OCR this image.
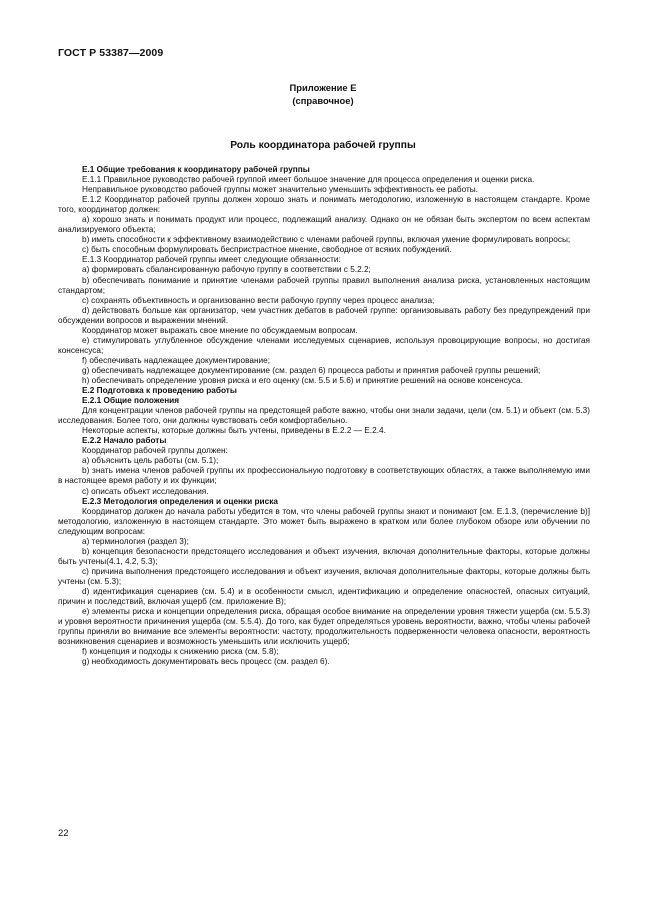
ГОСТ Р 53387—2009
Приложение Е
(справочное)
Роль координатора рабочей группы

Е.1 Общие требования к координатору рабочей группы

Е.1.1 Правильное руководство рабочей группой имеет большое значение для процесса определения и оценки риска.

Неправильное руководство рабочей группы может значительно уменьшить эффективность ее работы.

Е.1.2 Координатор рабочей группы должен хорошо знать и понимать методологию, изложенную в настоящем стандарте. Кроме того, координатор должен:

а) хорошо знать и понимать продукт или процесс, подлежащий анализу. Однако он не обязан быть экспертом по всем аспектам анализируемого объекта;

b) иметь способности к эффективному взаимодействию с членами рабочей группы, включая умение формулировать вопросы;

с) быть способным формулировать беспристрастное мнение, свободное от всяких побуждений.

Е.1.3 Координатор рабочей группы имеет следующие обязанности:

а) формировать сбалансированную рабочую группу в соответствии с 5.2.2;

b) обеспечивать понимание и принятие членами рабочей группы правил выполнения анализа риска, установленных настоящим стандартом;

с) сохранять объективность и организованно вести рабочую группу через процесс анализа;

d) действовать больше как организатор, чем участник дебатов в рабочей группе: организовывать работу без предупреждений при обсуждении вопросов и выражении мнений.

Координатор может выражать свое мнение по обсуждаемым вопросам.

е) стимулировать углубленное обсуждение членами исследуемых сценариев, используя провоцирующие вопросы, но достигая консенсуса;

f) обеспечивать надлежащее документирование;

g) обеспечивать надлежащее документирование (см. раздел 6) процесса работы и принятия рабочей группы решений;

h) обеспечивать определение уровня риска и его оценку (см. 5.5 и 5.6) и принятие решений на основе консенсуса.

Е.2 Подготовка к проведению работы

Е.2.1 Общие положения

Для концентрации членов рабочей группы на предстоящей работе важно, чтобы они знали задачи, цели (см. 5.1) и объект (см. 5.3) исследования. Более того, они должны чувствовать себя комфортабельно.

Некоторые аспекты, которые должны быть учтены, приведены в Е.2.2 — Е.2.4.

Е.2.2 Начало работы

Координатор рабочей группы должен:

а) объяснить цель работы (см. 5.1);

b) знать имена членов рабочей группы их профессиональную подготовку в соответствующих областях, а также выполняемую ими в настоящее время работу и их функции;

с) описать объект исследования.

Е.2.3 Методология определения и оценки риска

Координатор должен до начала работы убедится в том, что члены рабочей группы знают и понимают [см. Е.1.3, (перечисление b)] методологию, изложенную в настоящем стандарте. Это может быть выражено в кратком или более глубоком обзоре или обучении по следующим вопросам:

а) терминология (раздел 3);

b) концепция безопасности предстоящего исследования и объект изучения, включая дополнительные факторы, которые должны быть учтены(4.1, 4.2, 5.3);

с) причина выполнения предстоящего исследования и объект изучения, включая дополнительные факторы, которые должны быть учтены (см. 5.3);

d) идентификация сценариев (см. 5.4) и в особенности смысл, идентификацию и определение опасностей, опасных ситуаций, причин и последствий, включая ущерб (см. приложение В);

е) элементы риска и концепции определения риска, обращая особое внимание на определении уровня тяжести ущерба (см. 5.5.3) и уровня вероятности причинения ущерба (см. 5.5.4). До того, как будет определяться уровень вероятности, важно, чтобы члены рабочей группы приняли во внимание все элементы вероятности: частоту, продолжительность подверженности человека опасности, вероятность возникновения сценариев и возможность уменьшить или исключить ущерб;

f) концепция и подходы к снижению риска (см. 5.8);

g) необходимость документировать весь процесс (см. раздел 6).

22
